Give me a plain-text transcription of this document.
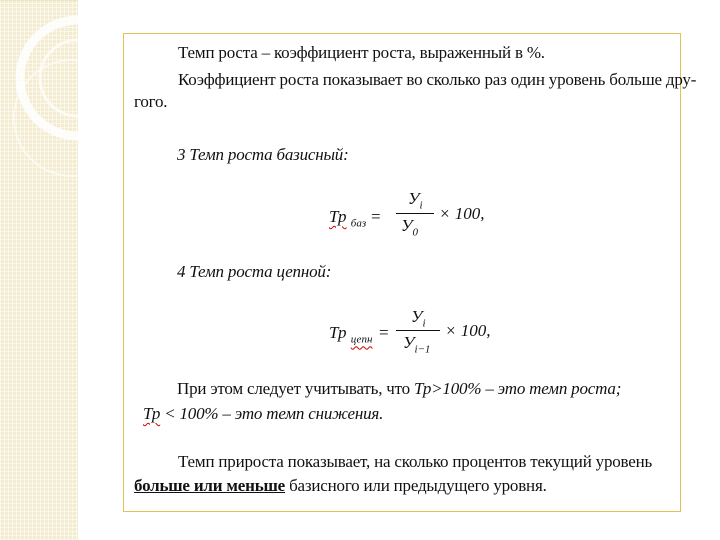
Темп роста – коэффициент роста, выраженный в %.
Коэффициент роста показывает во сколько раз один уровень больше дру-
гого.
3 Темп роста базисный:
Тр $_{баз}$ =
$У_i$
$У_0$
× 100,
4 Темп роста цепной:
Тр $_{цепн}$ =
$У_i$
$У_{i-1}$
× 100,
При этом следует учитывать, что Тр>100% – это темп роста;
Тр < 100% – это темп снижения.
Темп прироста показывает, на сколько процентов текущий уровень
больше или меньше базисного или предыдущего уровня.
